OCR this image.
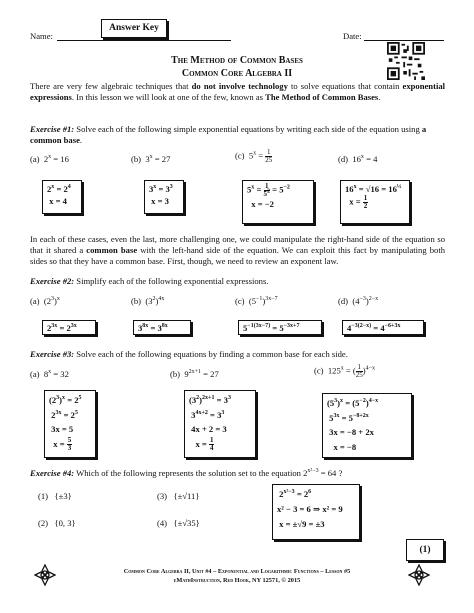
Name:
Answer Key
Date:
The Method of Common Bases
Common Core Algebra II
There are very few algebraic techniques that do not involve technology to solve equations that contain exponential expressions. In this lesson we will look at one of the few, known as The Method of Common Bases.
Exercise #1: Solve each of the following simple exponential equations by writing each side of the equation using a common base.
(a)  $2^x = 16$	(b)  $3^x = 27$	(c)  $5^x = \frac{1}{25}$	(d)  $16^x = 4$
$2^x = 2^4$
x = 4
$3^x = 3^3$
x = 3
$5^x = \frac{1}{5^2} = 5^{-2}$
x = −2
$16^x = √16 = 16^{\frac{1}{2}}$
$x = \frac{1}{2}$
In each of these cases, even the last, more challenging one, we could manipulate the right-hand side of the equation so that it shared a common base with the left-hand side of the equation. We can exploit this fact by manipulating both sides so that they have a common base. First, though, we need to review an exponent law.
Exercise #2: Simplify each of the following exponential expressions.
(a)  $(2^3)^x$	(b)  $(3^2)^{4x}$	(c)  $(5^{-1})^{3x-7}$	(d)  $(4^{-3})^{2-x}$
$2^{3x} = 2^{3x}$	$3^{8x} = 3^{8x}$	$5^{-1(3x-7)} = 5^{-3x+7}$	$4^{-3(2-x)} = 4^{-6+3x}$
Exercise #3: Solve each of the following equations by finding a common base for each side.
(a)  $8^x = 32$	(b)  $9^{2x+1} = 27$	(c)  $125^x$ = ( $\frac{1}{25} )^{4-x}$
$(2^3)^x = 2^5$
$2^{3x} = 2^5$
3x = 5
$x = \frac{5}{3}$
$(3^2)^{2x+1} = 3^3$
$3^{4x+2} = 3^3$
4x + 2 = 3
$x = \frac{1}{4}$
$(5^3)^x = (5^{-2})^{4-x}$
$5^{3x} = 5^{-8+2x}$
3x = −8 + 2x
x = −8
Exercise #4: Which of the following represents the solution set to the equation $2^{x^2-3} = 64$ ?
(1) {±3}
(2) {0, 3}
(3) {±√11}
(4) {±√35}
$2^{x^2-3} = 2^6$
x² − 3 = 6 ⇒ x² = 9
x = ±√9 = ±3
(1)
Common Core Algebra II, Unit #4 – Exponential and Logarithmic Functions – Lesson #5
eMathInstruction, Red Hook, NY 12571, © 2015
